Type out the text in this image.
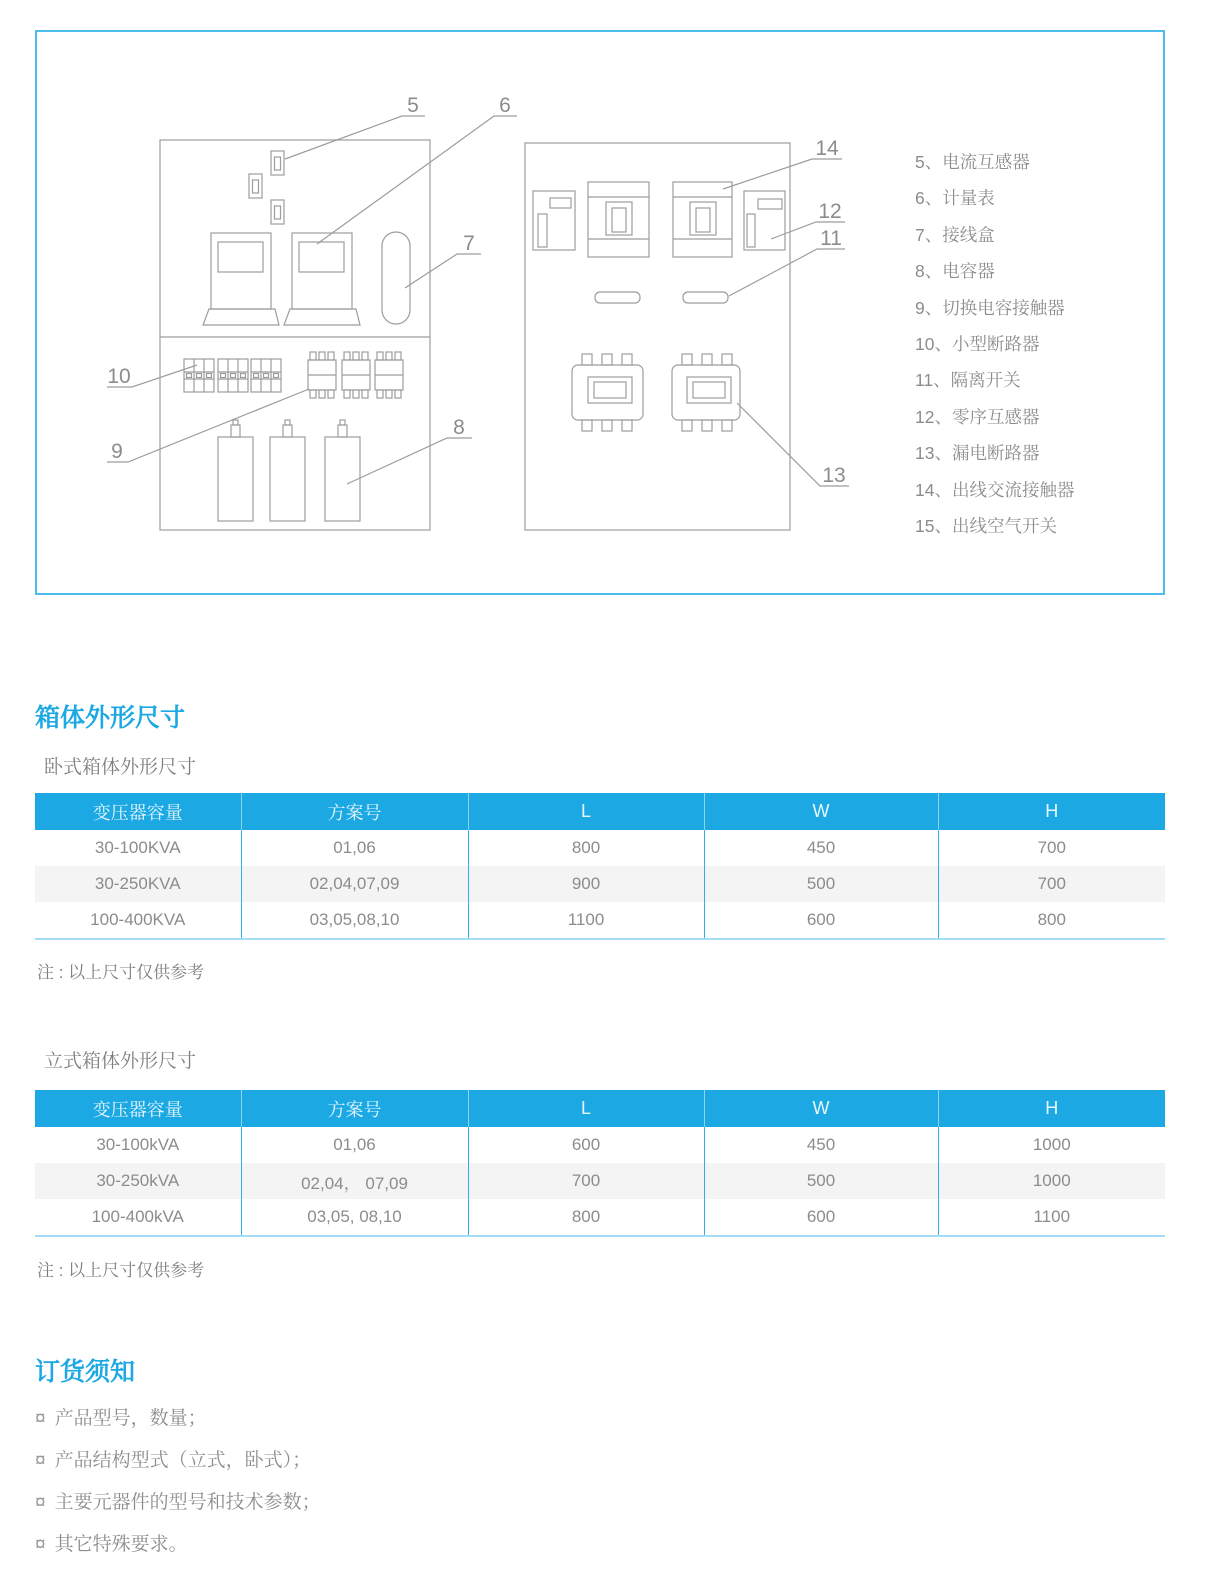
5	6
7
10
9
8
14
12
11
13
5、电流互感器
6、计量表
7、接线盒
8、电容器
9、切换电容接触器
10、小型断路器
11、隔离开关
12、零序互感器
13、漏电断路器
14、出线交流接触器
15、出线空气开关
箱体外形尺寸
卧式箱体外形尺寸
变压器容量	方案号	L	W	H
30-100KVA	01,06	800	450	700
30-250KVA	02,04,07,09	900	500	700
100-400KVA	03,05,08,10	1100	600	800

注 : 以上尺寸仅供参考

立式箱体外形尺寸
变压器容量	方案号	L	W	H
30-100kVA	01,06	600	450	1000
30-250kVA	02,04， 07,09	700	500	1000
100-400kVA	03,05, 08,10	800	600	1100

注 : 以上尺寸仅供参考

订货须知
¤ 产品型号，数量；
¤ 产品结构型式（立式，卧式）；
¤ 主要元器件的型号和技术参数；
¤ 其它特殊要求。
